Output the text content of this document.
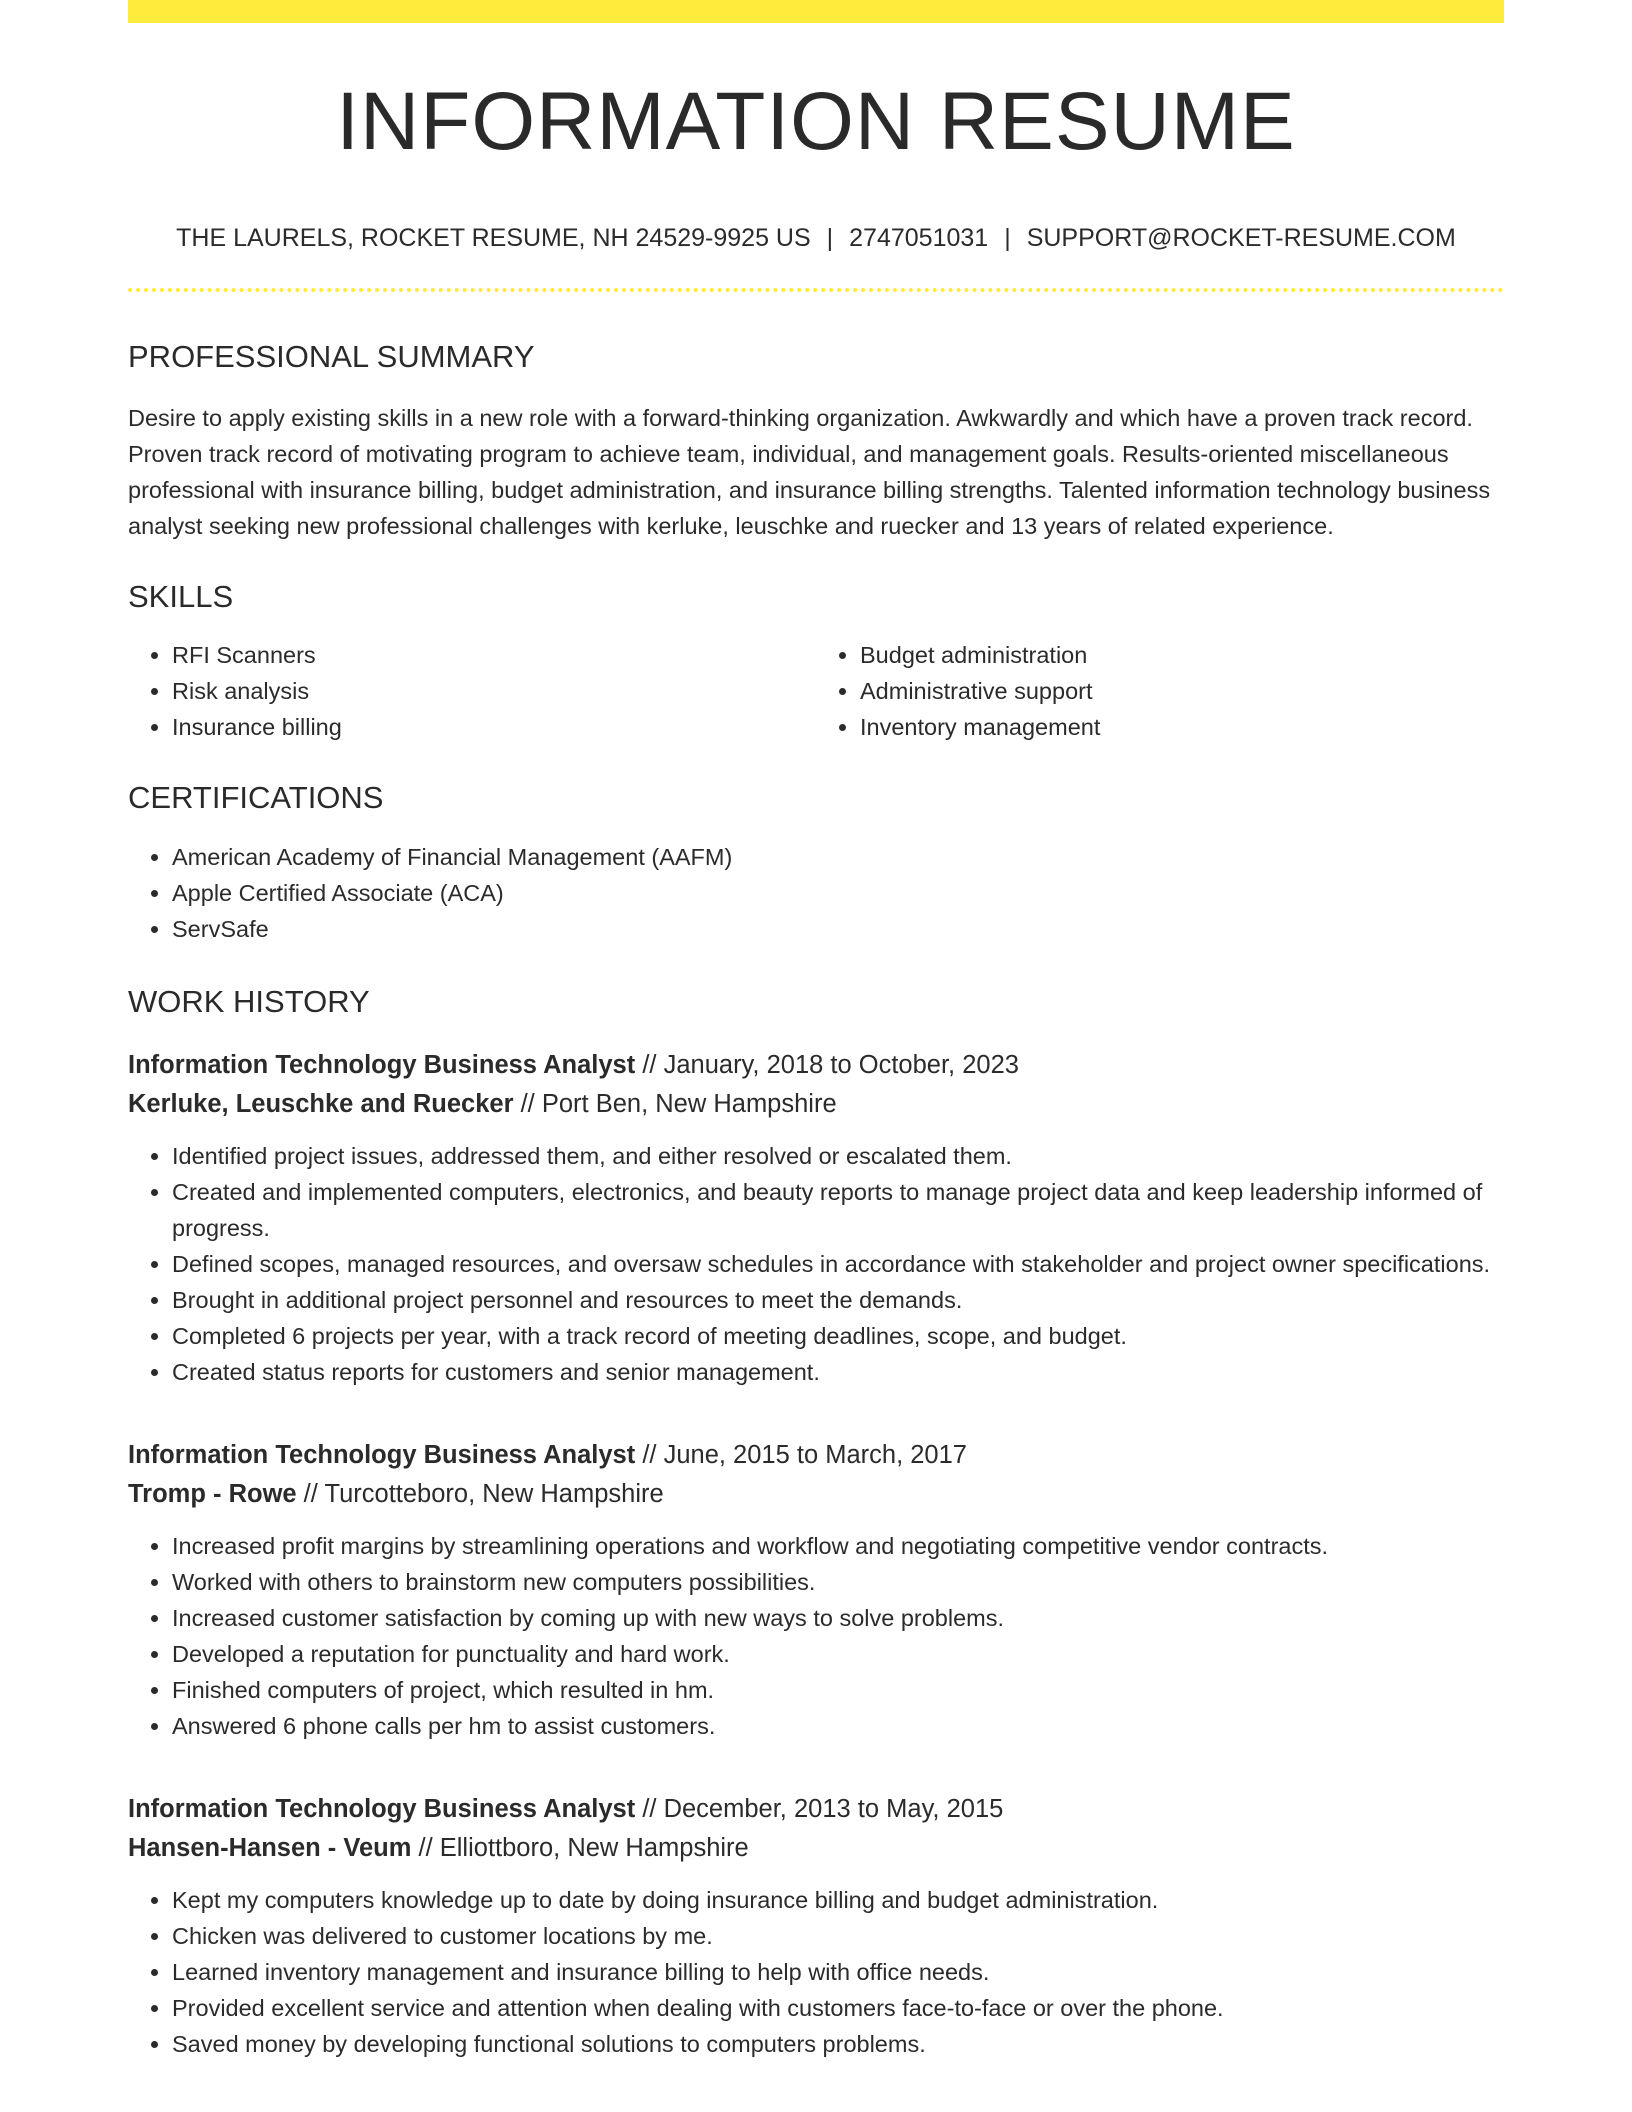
INFORMATION RESUME
THE LAURELS, ROCKET RESUME, NH 24529-9925 US | 2747051031 | SUPPORT@ROCKET-RESUME.COM
PROFESSIONAL SUMMARY

Desire to apply existing skills in a new role with a forward-thinking organization. Awkwardly and which have a proven track record. Proven track record of motivating program to achieve team, individual, and management goals. Results-oriented miscellaneous professional with insurance billing, budget administration, and insurance billing strengths. Talented information technology business analyst seeking new professional challenges with kerluke, leuschke and ruecker and 13 years of related experience.

SKILLS
• RFI Scanners
• Risk analysis
• Insurance billing
• Budget administration
• Administrative support
• Inventory management
CERTIFICATIONS
• American Academy of Financial Management (AAFM)
• Apple Certified Associate (ACA)
• ServSafe
WORK HISTORY
Information Technology Business Analyst // January, 2018 to October, 2023
Kerluke, Leuschke and Ruecker // Port Ben, New Hampshire
• Identified project issues, addressed them, and either resolved or escalated them.
• Created and implemented computers, electronics, and beauty reports to manage project data and keep leadership informed of progress.
• Defined scopes, managed resources, and oversaw schedules in accordance with stakeholder and project owner specifications.
• Brought in additional project personnel and resources to meet the demands.
• Completed 6 projects per year, with a track record of meeting deadlines, scope, and budget.
• Created status reports for customers and senior management.
Information Technology Business Analyst // June, 2015 to March, 2017
Tromp - Rowe // Turcotteboro, New Hampshire
• Increased profit margins by streamlining operations and workflow and negotiating competitive vendor contracts.
• Worked with others to brainstorm new computers possibilities.
• Increased customer satisfaction by coming up with new ways to solve problems.
• Developed a reputation for punctuality and hard work.
• Finished computers of project, which resulted in hm.
• Answered 6 phone calls per hm to assist customers.
Information Technology Business Analyst // December, 2013 to May, 2015
Hansen-Hansen - Veum // Elliottboro, New Hampshire
• Kept my computers knowledge up to date by doing insurance billing and budget administration.
• Chicken was delivered to customer locations by me.
• Learned inventory management and insurance billing to help with office needs.
• Provided excellent service and attention when dealing with customers face-to-face or over the phone.
• Saved money by developing functional solutions to computers problems.
